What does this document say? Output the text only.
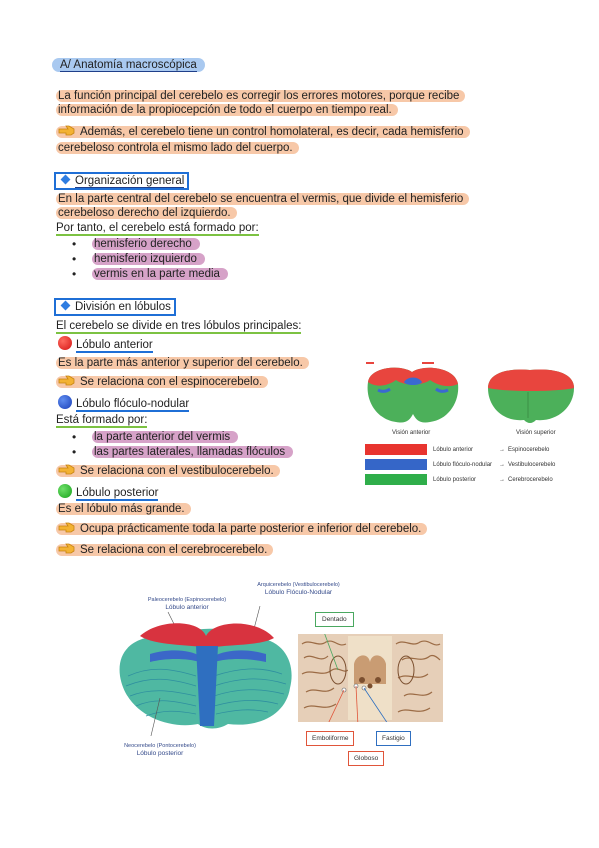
A/ Anatomía macroscópica
La función principal del cerebelo es corregir los errores motores, porque recibe
información de la propiocepción de todo el cuerpo en tiempo real.
Además, el cerebelo tiene un control homolateral, es decir, cada hemisferio
cerebeloso controla el mismo lado del cuerpo.
Organización general
En la parte central del cerebelo se encuentra el vermis, que divide el hemisferio
cerebeloso derecho del izquierdo.
Por tanto, el cerebelo está formado por:
• hemisferio derecho
• hemisferio izquierdo
• vermis en la parte media
División en lóbulos
El cerebelo se divide en tres lóbulos principales:
Lóbulo anterior
Es la parte más anterior y superior del cerebelo.
Se relaciona con el espinocerebelo.
Lóbulo flóculo-nodular
Está formado por:
• la parte anterior del vermis
• las partes laterales, llamadas flóculos
Se relaciona con el vestibulocerebelo.
Lóbulo posterior
Es el lóbulo más grande.
Ocupa prácticamente toda la parte posterior e inferior del cerebelo.
Se relaciona con el cerebrocerebelo.
Visión anterior	Visión superior
Lóbulo anterior	→ Espinocerebelo
Lóbulo flóculo-nodular	→ Vestibulocerebelo
Lóbulo posterior	→ Cerebrocerebelo
Paleocerebelo (Espinocerebelo)
Lóbulo anterior
Arquicerebelo (Vestibulocerebelo)
Lóbulo Flóculo-Nodular
Neocerebelo (Pontocerebelo)
Lóbulo posterior
Dentado
Emboliforme
Globoso
Fastigio
